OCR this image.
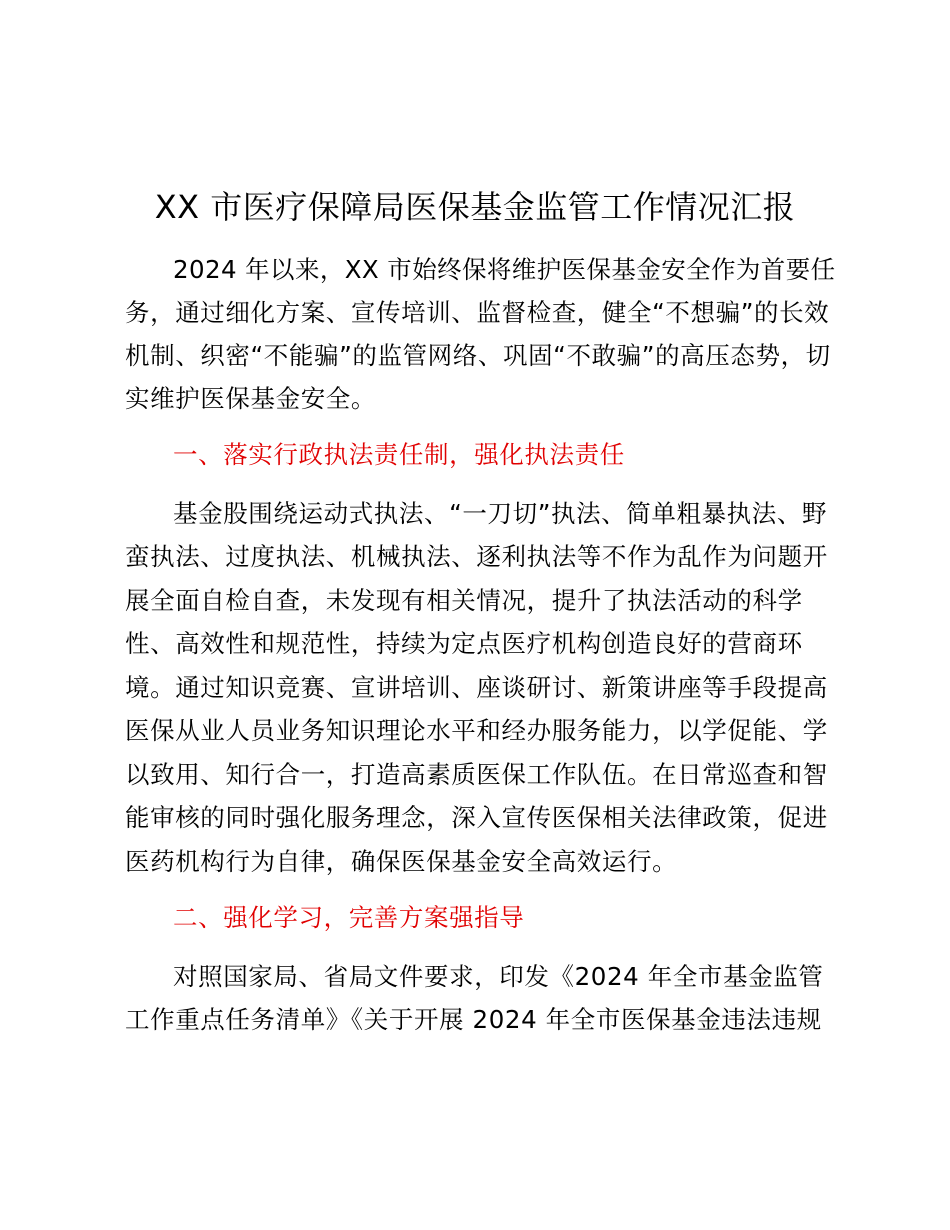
XX 市医疗保障局医保基金监管工作情况汇报
2024 年以来，XX 市始终保将维护医保基金安全作为首要任
务，通过细化方案、宣传培训、监督检查，健全“不想骗”的长效
机制、织密“不能骗”的监管网络、巩固“不敢骗”的高压态势，切
实维护医保基金安全。
一、落实行政执法责任制，强化执法责任
基金股围绕运动式执法、“一刀切”执法、简单粗暴执法、野
蛮执法、过度执法、机械执法、逐利执法等不作为乱作为问题开
展全面自检自查，未发现有相关情况，提升了执法活动的科学
性、高效性和规范性，持续为定点医疗机构创造良好的营商环
境。通过知识竞赛、宣讲培训、座谈研讨、新策讲座等手段提高
医保从业人员业务知识理论水平和经办服务能力，以学促能、学
以致用、知行合一，打造高素质医保工作队伍。在日常巡查和智
能审核的同时强化服务理念，深入宣传医保相关法律政策，促进
医药机构行为自律，确保医保基金安全高效运行。
二、强化学习，完善方案强指导
对照国家局、省局文件要求，印发《2024 年全市基金监管
工作重点任务清单》《关于开展 2024 年全市医保基金违法违规
